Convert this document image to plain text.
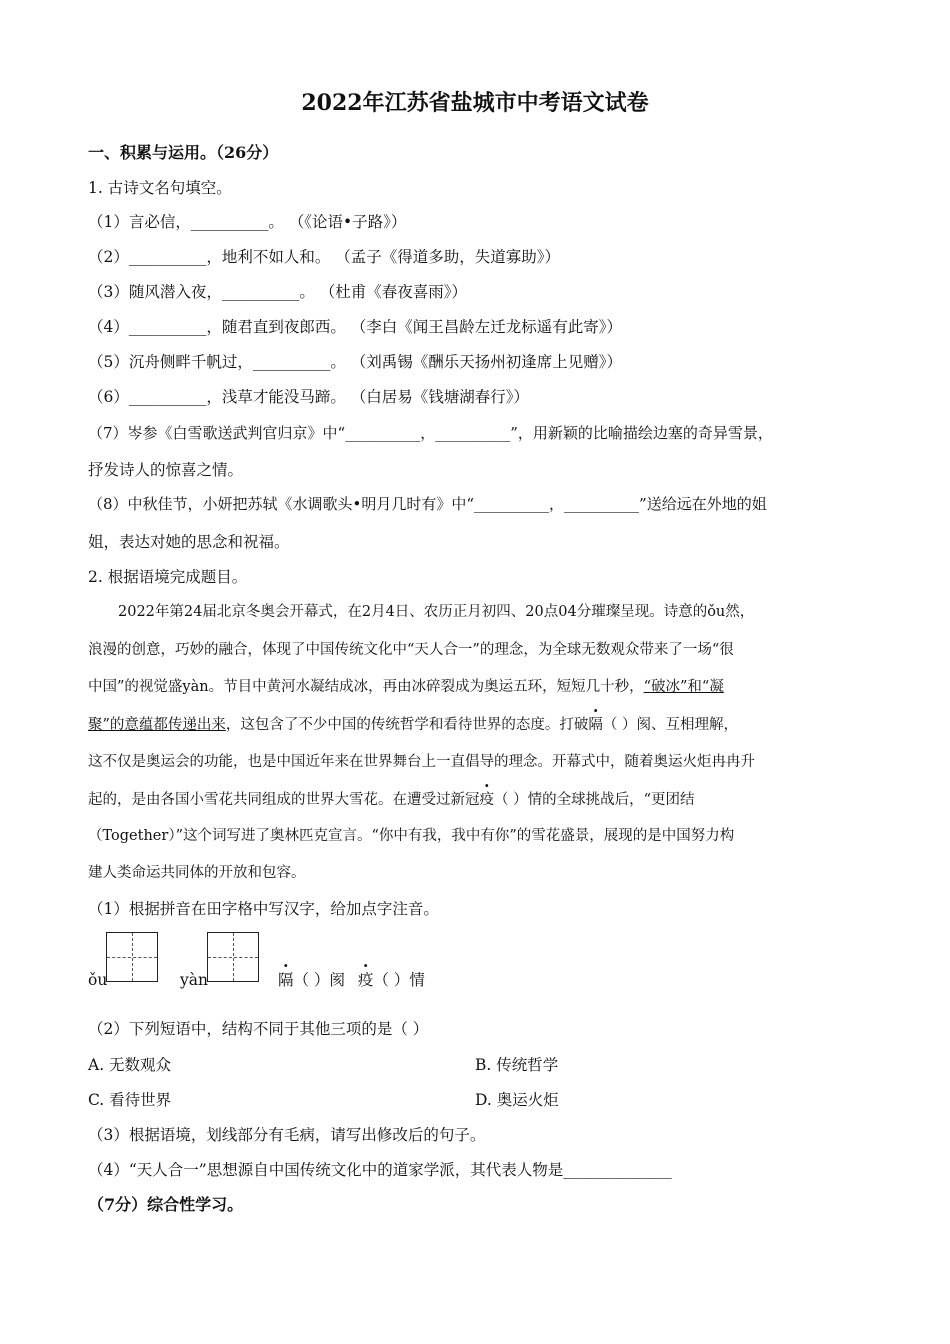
2022年江苏省盐城市中考语文试卷
一、积累与运用。（26分）
1. 古诗文名句填空。
（1）言必信，__________。 （《论语•子路》）
（2）__________，地利不如人和。 （孟子《得道多助，失道寡助》）
（3）随风潜入夜，__________。 （杜甫《春夜喜雨》）
（4）__________，随君直到夜郎西。 （李白《闻王昌龄左迁龙标遥有此寄》）
（5）沉舟侧畔千帆过，__________。 （刘禹锡《酬乐天扬州初逢席上见赠》）
（6）__________，浅草才能没马蹄。 （白居易《钱塘湖春行》）
（7）岑参《白雪歌送武判官归京》中“__________，__________”，用新颖的比喻描绘边塞的奇异雪景，
抒发诗人的惊喜之情。
（8）中秋佳节，小妍把苏轼《水调歌头•明月几时有》中“__________，__________”送给远在外地的姐
姐，表达对她的思念和祝福。
2. 根据语境完成题目。
2022年第24届北京冬奥会开幕式，在2月4日、农历正月初四、20点04分璀璨呈现。诗意的ǒu然，
浪漫的创意，巧妙的融合，体现了中国传统文化中“天人合一”的理念，为全球无数观众带来了一场“很
中国”的视觉盛yàn。节目中黄河水凝结成冰，再由冰碎裂成为奥运五环，短短几十秒，“破冰”和“凝
聚”的意蕴都传递出来，这包含了不少中国的传统哲学和看待世界的态度。打破隔（ ）阂、互相理解，
这不仅是奥运会的功能，也是中国近年来在世界舞台上一直倡导的理念。开幕式中，随着奥运火炬冉冉升
起的，是由各国小雪花共同组成的世界大雪花。在遭受过新冠疫（ ）情的全球挑战后，“更团结
（Together）”这个词写进了奥林匹克宣言。“你中有我，我中有你”的雪花盛景，展现的是中国努力构
建人类命运共同体的开放和包容。
（1）根据拼音在田字格中写汉字，给加点字注音。
ǒu	yàn	隔（ ）阂 疫（ ）情
（2）下列短语中，结构不同于其他三项的是（ ）
A. 无数观众	B. 传统哲学
C. 看待世界	D. 奥运火炬
（3）根据语境，划线部分有毛病，请写出修改后的句子。
（4）“天人合一”思想源自中国传统文化中的道家学派，其代表人物是______________
（7分）综合性学习。
